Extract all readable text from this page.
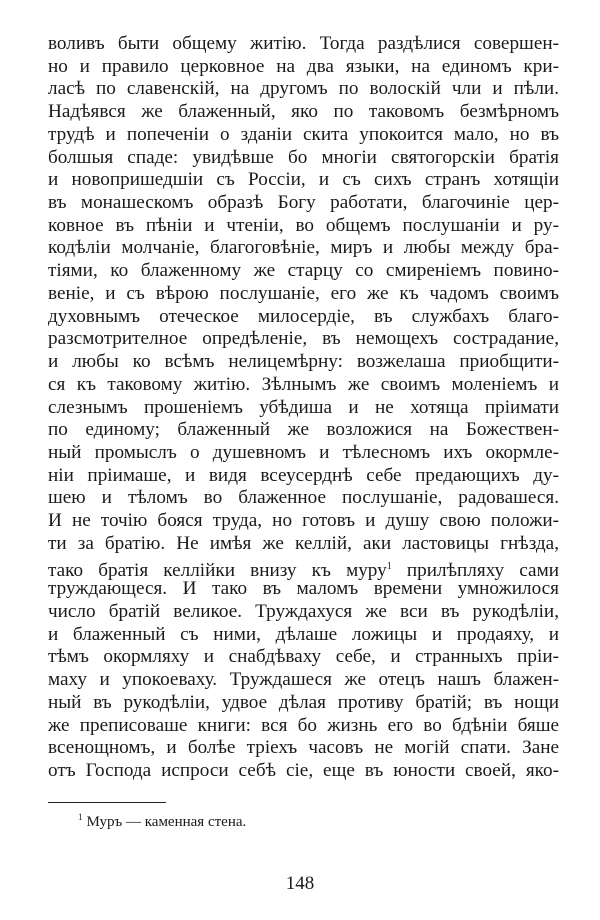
воливъ быти общему житію. Тогда раздѣлися совершен-
но и правило церковное на два языки, на единомъ кри-
ласѣ по славенскій, на другомъ по волоскій чли и пѣли.
Надѣявся же блаженный, яко по таковомъ безмѣрномъ
трудѣ и попеченіи о зданіи скита упокоится мало, но въ
болшыя спаде: увидѣвше бо многіи святогорскіи братія
и новопришедшіи съ Россіи, и съ сихъ странъ хотящіи
въ монашескомъ образѣ Богу работати, благочиніе цер-
ковное въ пѣніи и чтеніи, во общемъ послушаніи и ру-
кодѣліи молчаніе, благоговѣніе, миръ и любы между бра-
тіями, ко блаженному же старцу со смиреніемъ повино-
веніе, и съ вѣрою послушаніе, его же къ чадомъ своимъ
духовнымъ отеческое милосердіе, въ службахъ благо-
разсмотрителное опредѣленіе, въ немощехъ сострадание,
и любы ко всѣмъ нелицемѣрну: возжелаша приобщити-
ся къ таковому житію. Зѣлнымъ же своимъ моленіемъ и
слезнымъ прошеніемъ убѣдиша и не хотяща пріимати
по единому; блаженный же возложися на Божествен-
ный промыслъ о душевномъ и тѣлесномъ ихъ окормле-
ніи пріимаше, и видя всеусерднѣ себе предающихъ ду-
шею и тѣломъ во блаженное послушаніе, радовашеся.
И не точію бояся труда, но готовъ и душу свою положи-
ти за братію. Не имѣя же келлій, аки ластовицы гнѣзда,
тако братія келлійки внизу къ муру$^1$ прилѣпляху сами
труждающеся. И тако въ маломъ времени умножилося
число братій великое. Труждахуся же вси въ рукодѣліи,
и блаженный съ ними, дѣлаше ложицы и продаяху, и
тѣмъ окормляху и снабдѣваху себе, и странныхъ пріи-
маху и упокоеваху. Труждашеся же отецъ нашъ блажен-
ный въ рукодѣліи, удвое дѣлая противу братій; въ нощи
же преписоваше книги: вся бо жизнь его во бдѣніи бяше
всенощномъ, и болѣе тріехъ часовъ не могій спати. Зане
отъ Господа испроси себѣ сіе, еще въ юности своей, яко-
$^1$ Муръ — каменная стена.
148
